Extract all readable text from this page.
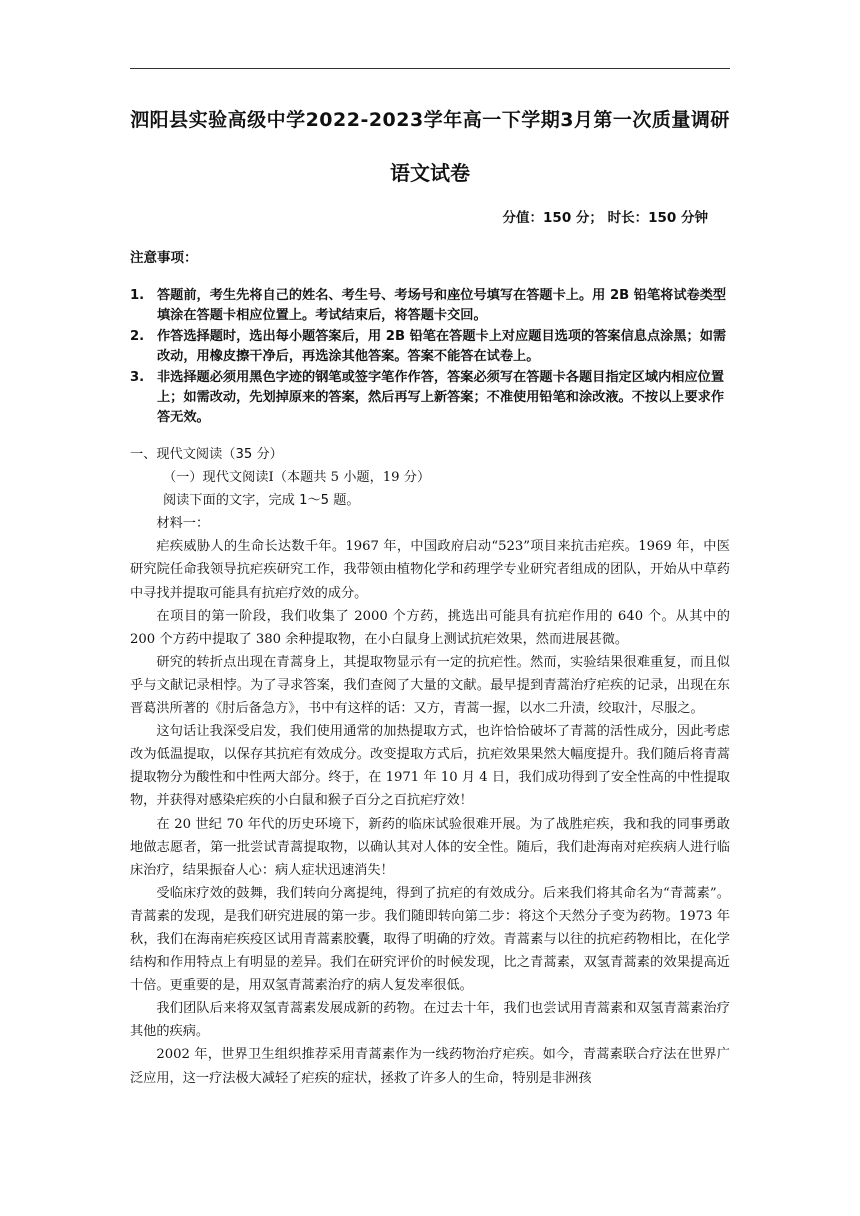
泗阳县实验高级中学2022-2023学年高一下学期3月第一次质量调研
语文试卷
分值：150 分； 时长：150 分钟
注意事项：
1. 答题前，考生先将自己的姓名、考生号、考场号和座位号填写在答题卡上。用 2B 铅笔将试卷类型填涂在答题卡相应位置上。考试结束后，将答题卡交回。
2. 作答选择题时，选出每小题答案后，用 2B 铅笔在答题卡上对应题目选项的答案信息点涂黑；如需改动，用橡皮擦干净后，再选涂其他答案。答案不能答在试卷上。
3. 非选择题必须用黑色字迹的钢笔或签字笔作作答，答案必须写在答题卡各题目指定区域内相应位置上；如需改动，先划掉原来的答案，然后再写上新答案；不准使用铅笔和涂改液。不按以上要求作答无效。

一、现代文阅读（35 分）

（一）现代文阅读Ⅰ（本题共 5 小题，19 分）

阅读下面的文字，完成 1～5 题。

材料一：

疟疾威胁人的生命长达数千年。1967 年，中国政府启动“523”项目来抗击疟疾。1969 年，中医研究院任命我领导抗疟疾研究工作，我带领由植物化学和药理学专业研究者组成的团队，开始从中草药中寻找并提取可能具有抗疟疗效的成分。

在项目的第一阶段，我们收集了 2000 个方药，挑选出可能具有抗疟作用的 640 个。从其中的 200 个方药中提取了 380 余种提取物，在小白鼠身上测试抗疟效果，然而进展甚微。

研究的转折点出现在青蒿身上，其提取物显示有一定的抗疟性。然而，实验结果很难重复，而且似乎与文献记录相悖。为了寻求答案，我们查阅了大量的文献。最早提到青蒿治疗疟疾的记录，出现在东晋葛洪所著的《肘后备急方》，书中有这样的话：又方，青蒿一握，以水二升渍，绞取汁，尽服之。

这句话让我深受启发，我们使用通常的加热提取方式，也许恰恰破坏了青蒿的活性成分，因此考虑改为低温提取，以保存其抗疟有效成分。改变提取方式后，抗疟效果果然大幅度提升。我们随后将青蒿提取物分为酸性和中性两大部分。终于，在 1971 年 10 月 4 日，我们成功得到了安全性高的中性提取物，并获得对感染疟疾的小白鼠和猴子百分之百抗疟疗效！

在 20 世纪 70 年代的历史环境下，新药的临床试验很难开展。为了战胜疟疾，我和我的同事勇敢地做志愿者，第一批尝试青蒿提取物，以确认其对人体的安全性。随后，我们赴海南对疟疾病人进行临床治疗，结果振奋人心：病人症状迅速消失！

受临床疗效的鼓舞，我们转向分离提纯，得到了抗疟的有效成分。后来我们将其命名为“青蒿素”。青蒿素的发现，是我们研究进展的第一步。我们随即转向第二步：将这个天然分子变为药物。1973 年秋，我们在海南疟疾疫区试用青蒿素胶囊，取得了明确的疗效。青蒿素与以往的抗疟药物相比，在化学结构和作用特点上有明显的差异。我们在研究评价的时候发现，比之青蒿素，双氢青蒿素的效果提高近十倍。更重要的是，用双氢青蒿素治疗的病人复发率很低。

我们团队后来将双氢青蒿素发展成新的药物。在过去十年，我们也尝试用青蒿素和双氢青蒿素治疗其他的疾病。

2002 年，世界卫生组织推荐采用青蒿素作为一线药物治疗疟疾。如今，青蒿素联合疗法在世界广泛应用，这一疗法极大减轻了疟疾的症状，拯救了许多人的生命，特别是非洲孩
